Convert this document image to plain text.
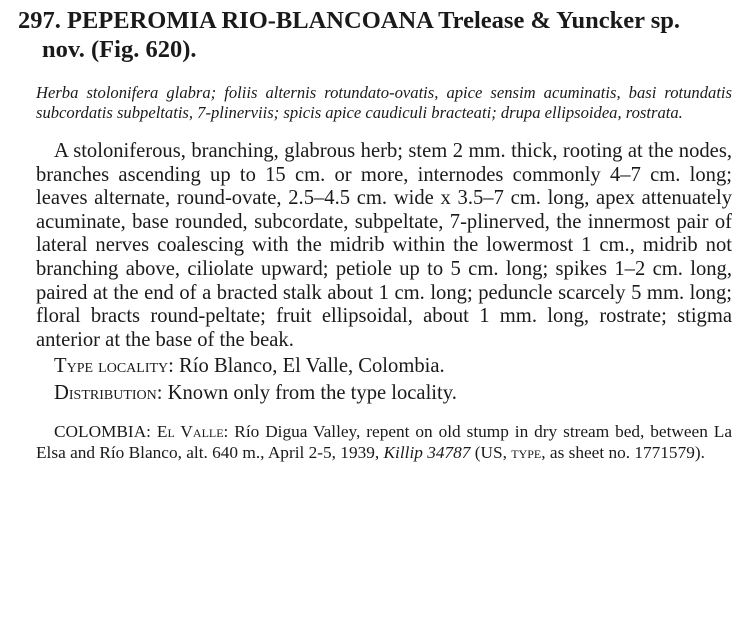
297. PEPEROMIA RIO-BLANCOANA Trelease & Yuncker sp.
nov. (Fig. 620).

Herba stolonifera glabra; foliis alternis rotundato-ovatis, apice sensim acuminatis, basi rotundatis subcordatis subpeltatis, 7-plinerviis; spicis apice caudiculi bracteati; drupa ellipsoidea, rostrata.

A stoloniferous, branching, glabrous herb; stem 2 mm. thick, rooting at the nodes, branches ascending up to 15 cm. or more, internodes commonly 4–7 cm. long; leaves alternate, round-ovate, 2.5–4.5 cm. wide x 3.5–7 cm. long, apex attenuately acuminate, base rounded, subcordate, subpeltate, 7-plinerved, the innermost pair of lateral nerves coalescing with the midrib within the lowermost 1 cm., midrib not branching above, ciliolate upward; petiole up to 5 cm. long; spikes 1–2 cm. long, paired at the end of a bracted stalk about 1 cm. long; peduncle scarcely 5 mm. long; floral bracts round-peltate; fruit ellipsoidal, about 1 mm. long, rostrate; stigma anterior at the base of the beak.

Type locality: Río Blanco, El Valle, Colombia.

Distribution: Known only from the type locality.

COLOMBIA: El Valle: Río Digua Valley, repent on old stump in dry stream bed, between La Elsa and Río Blanco, alt. 640 m., April 2-5, 1939, Killip 34787 (US, type, as sheet no. 1771579).
